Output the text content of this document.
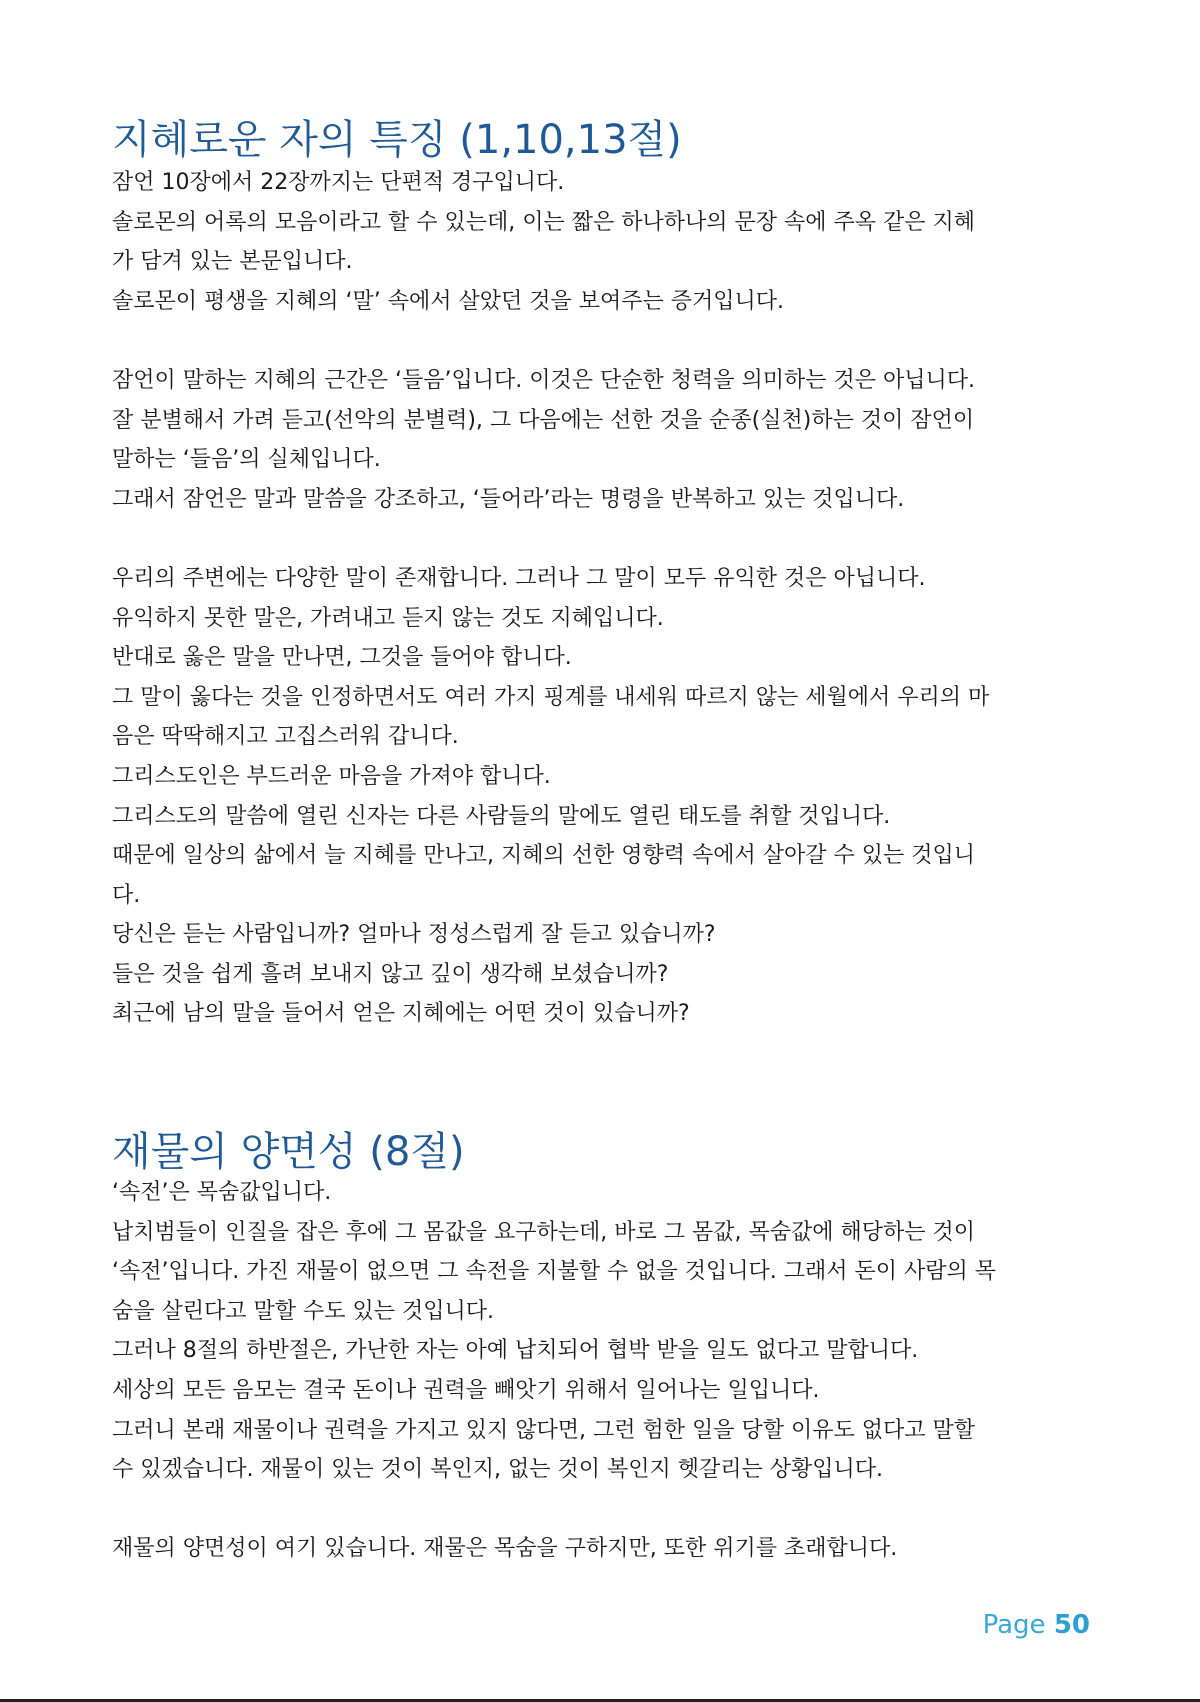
지혜로운 자의 특징 (1,10,13절)

잠언 10장에서 22장까지는 단편적 경구입니다.

솔로몬의 어록의 모음이라고 할 수 있는데, 이는 짧은 하나하나의 문장 속에 주옥 같은 지혜

가 담겨 있는 본문입니다.

솔로몬이 평생을 지혜의 ‘말’ 속에서 살았던 것을 보여주는 증거입니다.

잠언이 말하는 지혜의 근간은 ‘들음’입니다. 이것은 단순한 청력을 의미하는 것은 아닙니다.

잘 분별해서 가려 듣고(선악의 분별력), 그 다음에는 선한 것을 순종(실천)하는 것이 잠언이

말하는 ‘들음’의 실체입니다.

그래서 잠언은 말과 말씀을 강조하고, ‘들어라’라는 명령을 반복하고 있는 것입니다.

우리의 주변에는 다양한 말이 존재합니다. 그러나 그 말이 모두 유익한 것은 아닙니다.

유익하지 못한 말은, 가려내고 듣지 않는 것도 지혜입니다.

반대로 옳은 말을 만나면, 그것을 들어야 합니다.

그 말이 옳다는 것을 인정하면서도 여러 가지 핑계를 내세워 따르지 않는 세월에서 우리의 마

음은 딱딱해지고 고집스러워 갑니다.

그리스도인은 부드러운 마음을 가져야 합니다.

그리스도의 말씀에 열린 신자는 다른 사람들의 말에도 열린 태도를 취할 것입니다.

때문에 일상의 삶에서 늘 지혜를 만나고, 지혜의 선한 영향력 속에서 살아갈 수 있는 것입니

다.

당신은 듣는 사람입니까? 얼마나 정성스럽게 잘 듣고 있습니까?

들은 것을 쉽게 흘려 보내지 않고 깊이 생각해 보셨습니까?

최근에 남의 말을 들어서 얻은 지혜에는 어떤 것이 있습니까?

재물의 양면성 (8절)

‘속전’은 목숨값입니다.

납치범들이 인질을 잡은 후에 그 몸값을 요구하는데, 바로 그 몸값, 목숨값에 해당하는 것이

‘속전’입니다. 가진 재물이 없으면 그 속전을 지불할 수 없을 것입니다. 그래서 돈이 사람의 목

숨을 살린다고 말할 수도 있는 것입니다.

그러나 8절의 하반절은, 가난한 자는 아예 납치되어 협박 받을 일도 없다고 말합니다.

세상의 모든 음모는 결국 돈이나 권력을 빼앗기 위해서 일어나는 일입니다.

그러니 본래 재물이나 권력을 가지고 있지 않다면, 그런 험한 일을 당할 이유도 없다고 말할

수 있겠습니다. 재물이 있는 것이 복인지, 없는 것이 복인지 헷갈리는 상황입니다.

재물의 양면성이 여기 있습니다. 재물은 목숨을 구하지만, 또한 위기를 초래합니다.

Page 50
